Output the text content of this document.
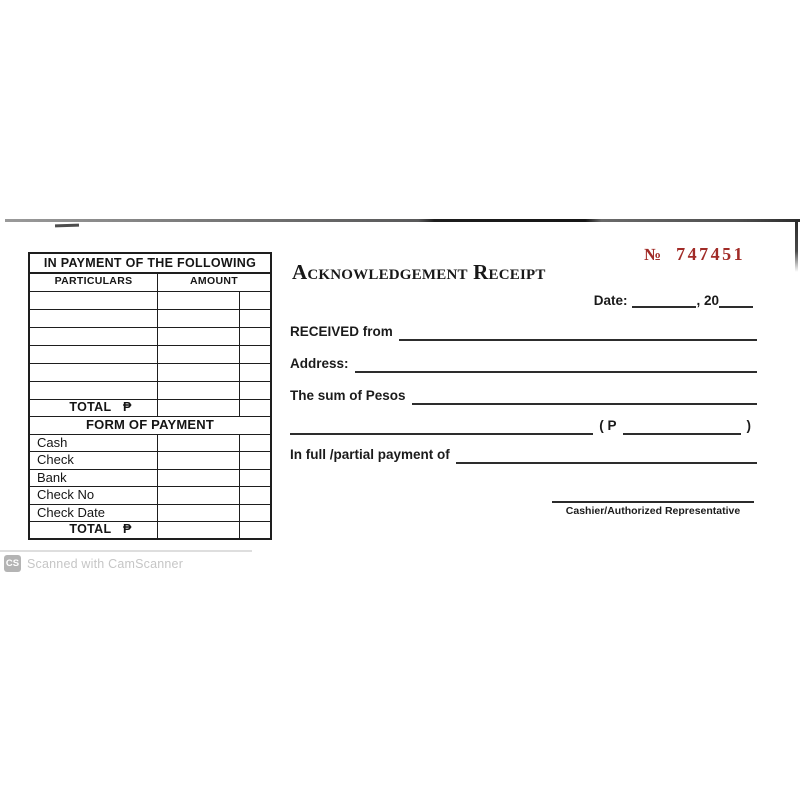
IN PAYMENT OF THE FOLLOWING
PARTICULARS	AMOUNT
TOTAL ₱
FORM OF PAYMENT
Cash
Check
Bank
Check No
Check Date
TOTAL ₱
№ 747451
Acknowledgement Receipt
Date:	, 20
RECEIVED from
Address:
The sum of Pesos
( P	)
In full /partial payment of
Cashier/Authorized Representative
CS Scanned with CamScanner
